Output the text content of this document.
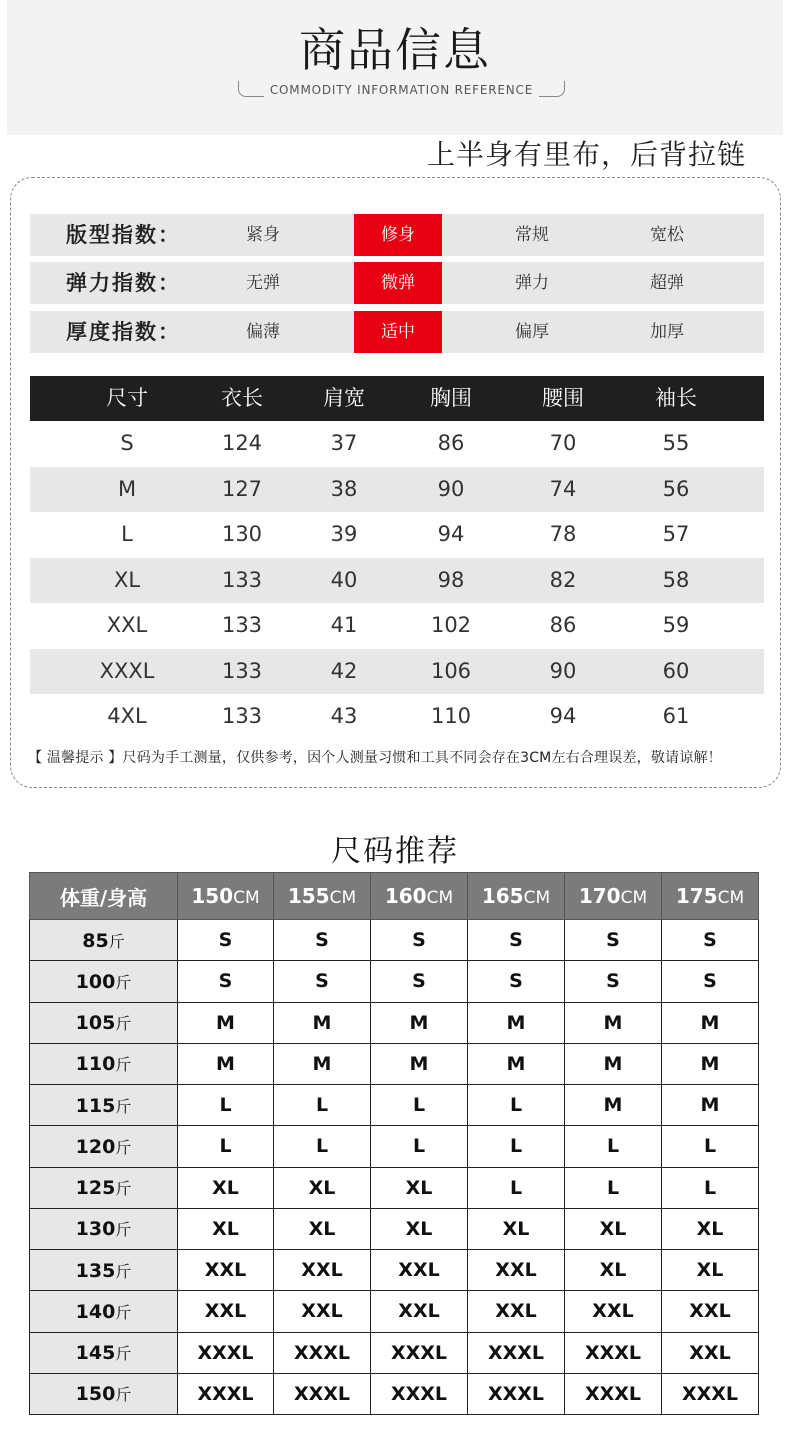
商品信息
COMMODITY INFORMATION REFERENCE
上半身有里布，后背拉链
版型指数：	紧身	修身	常规	宽松
弹力指数：	无弹	微弹	弹力	超弹
厚度指数：	偏薄	适中	偏厚	加厚
尺寸	衣长	肩宽	胸围	腰围	袖长
S	124	37	86	70	55
M	127	38	90	74	56
L	130	39	94	78	57
XL	133	40	98	82	58
XXL	133	41	102	86	59
XXXL	133	42	106	90	60
4XL	133	43	110	94	61
【 温馨提示 】尺码为手工测量，仅供参考，因个人测量习惯和工具不同会存在3CM左右合理误差，敬请谅解！
尺码推荐
体重/身高	150CM	155CM	160CM	165CM	170CM	175CM
85斤	S	S	S	S	S	S
100斤	S	S	S	S	S	S
105斤	M	M	M	M	M	M
110斤	M	M	M	M	M	M
115斤	L	L	L	L	M	M
120斤	L	L	L	L	L	L
125斤	XL	XL	XL	L	L	L
130斤	XL	XL	XL	XL	XL	XL
135斤	XXL	XXL	XXL	XXL	XL	XL
140斤	XXL	XXL	XXL	XXL	XXL	XXL
145斤	XXXL	XXXL	XXXL	XXXL	XXXL	XXL
150斤	XXXL	XXXL	XXXL	XXXL	XXXL	XXXL
